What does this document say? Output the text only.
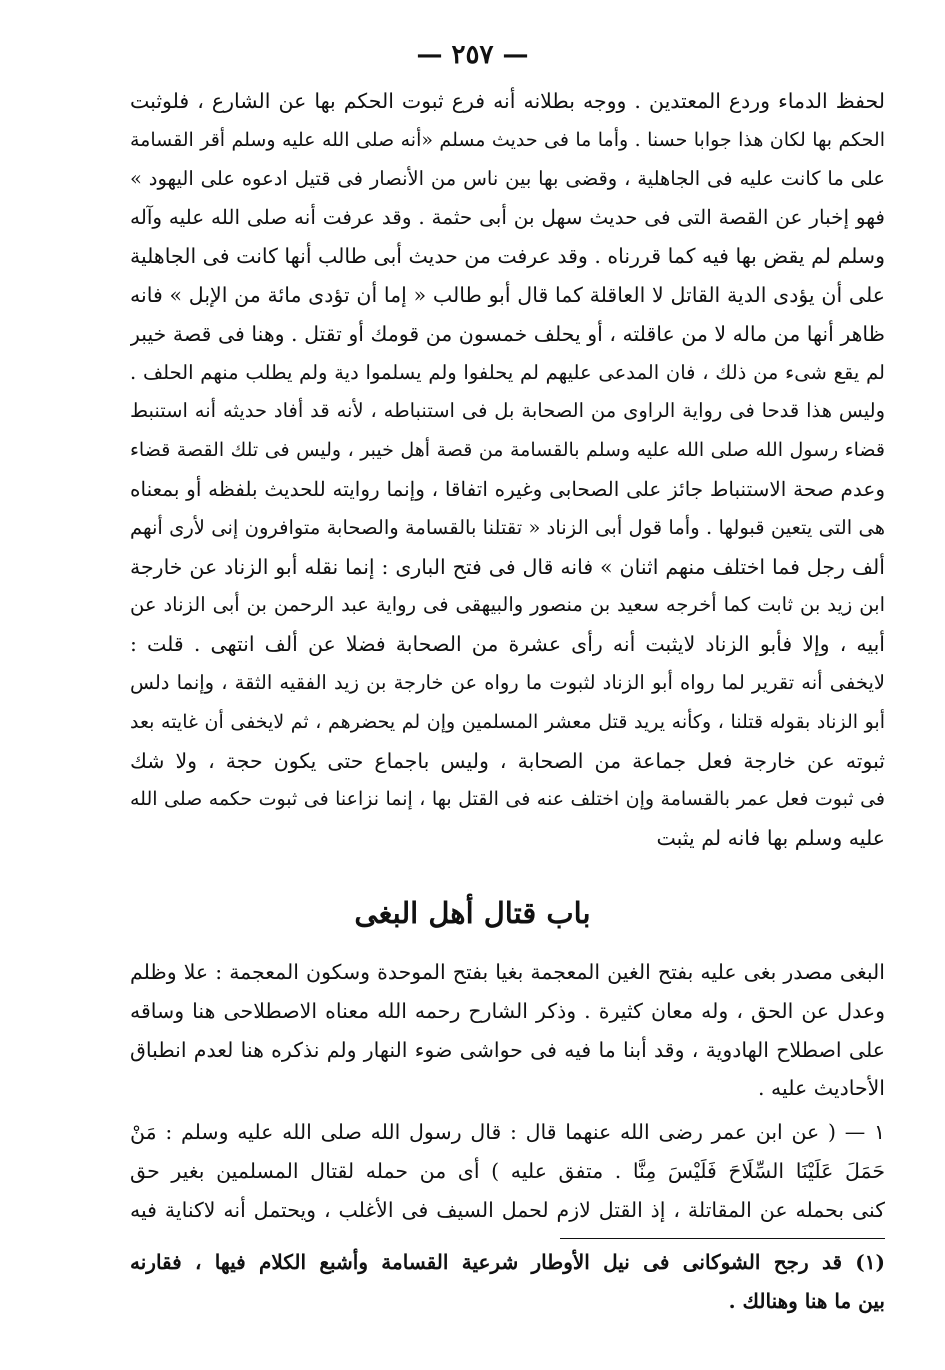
— ٢٥٧ —
لحفظ الدماء وردع المعتدين . ووجه بطلانه أنه فرع ثبوت الحكم بها عن الشارع ، فلوثبت
الحكم بها لكان هذا جوابا حسنا . وأما ما فى حديث مسلم «أنه صلى الله عليه وسلم أقر القسامة
على ما كانت عليه فى الجاهلية ، وقضى بها بين ناس من الأنصار فى قتيل ادعوه على اليهود »
فهو إخبار عن القصة التى فى حديث سهل بن أبى حثمة . وقد عرفت أنه صلى الله عليه وآله
وسلم لم يقض بها فيه كما قررناه . وقد عرفت من حديث أبى طالب أنها كانت فى الجاهلية
على أن يؤدى الدية القاتل لا العاقلة كما قال أبو طالب « إما أن تؤدى مائة من الإبل » فانه
ظاهر أنها من ماله لا من عاقلته ، أو يحلف خمسون من قومك أو تقتل . وهنا فى قصة خيبر
لم يقع شىء من ذلك ، فان المدعى عليهم لم يحلفوا ولم يسلموا دية ولم يطلب منهم الحلف .
وليس هذا قدحا فى رواية الراوى من الصحابة بل فى استنباطه ، لأنه قد أفاد حديثه أنه استنبط
قضاء رسول الله صلى الله عليه وسلم بالقسامة من قصة أهل خيبر ، وليس فى تلك القصة قضاء
وعدم صحة الاستنباط جائز على الصحابى وغيره اتفاقا ، وإنما روايته للحديث بلفظه أو بمعناه
هى التى يتعين قبولها . وأما قول أبى الزناد « تقتلنا بالقسامة والصحابة متوافرون إنى لأرى أنهم
ألف رجل فما اختلف منهم اثنان » فانه قال فى فتح البارى : إنما نقله أبو الزناد عن خارجة
ابن زيد بن ثابت كما أخرجه سعيد بن منصور والبيهقى فى رواية عبد الرحمن بن أبى الزناد عن
أبيه ، وإلا فأبو الزناد لايثبت أنه رأى عشرة من الصحابة فضلا عن ألف انتهى . قلت :
لايخفى أنه تقرير لما رواه أبو الزناد لثبوت ما رواه عن خارجة بن زيد الفقيه الثقة ، وإنما دلس
أبو الزناد بقوله قتلنا ، وكأنه يريد قتل معشر المسلمين وإن لم يحضرهم ، ثم لايخفى أن غايته بعد
ثبوته عن خارجة فعل جماعة من الصحابة ، وليس باجماع حتى يكون حجة ، ولا شك
فى ثبوت فعل عمر بالقسامة وإن اختلف عنه فى القتل بها ، إنما نزاعنا فى ثبوت حكمه صلى الله
عليه وسلم بها فانه لم يثبت
باب قتال أهل البغى
البغى مصدر بغى عليه بفتح الغين المعجمة بغيا بفتح الموحدة وسكون المعجمة : علا وظلم
وعدل عن الحق ، وله معان كثيرة . وذكر الشارح رحمه الله معناه الاصطلاحى هنا وساقه
على اصطلاح الهادوية ، وقد أبنا ما فيه فى حواشى ضوء النهار ولم نذكره هنا لعدم انطباق
الأحاديث عليه .
١ — ( عن ابن عمر رضى الله عنهما قال : قال رسول الله صلى الله عليه وسلم : مَنْ
حَمَلَ عَلَيْنَا السِّلَاحَ فَلَيْسَ مِنَّا . متفق عليه ) أى من حمله لقتال المسلمين بغير حق
كنى بحمله عن المقاتلة ، إذ القتل لازم لحمل السيف فى الأغلب ، ويحتمل أنه لاكناية فيه
(١) قد رجح الشوكانى فى نيل الأوطار شرعية القسامة وأشبع الكلام فيها ، فقارنه
بين ما هنا وهنالك .
